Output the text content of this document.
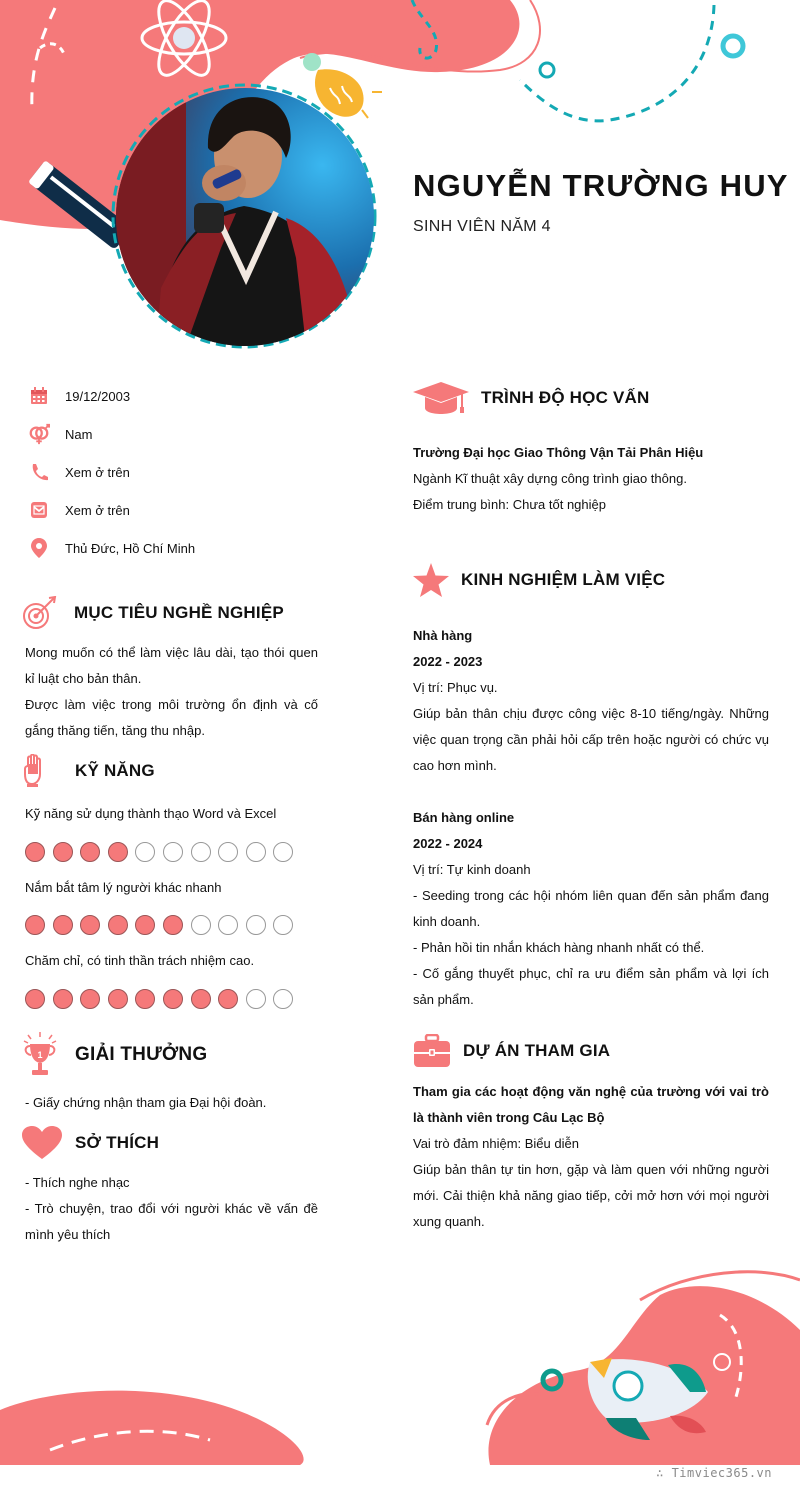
NGUYỄN TRƯỜNG HUY
SINH VIÊN NĂM 4
19/12/2003
Nam
Xem ở trên
Xem ở trên
Thủ Đức, Hồ Chí Minh
MỤC TIÊU NGHỀ NGHIỆP

Mong muốn có thể làm việc lâu dài, tạo thói quen kỉ luật cho bản thân.

Được làm việc trong môi trường ổn định và cố gắng thăng tiến, tăng thu nhập.

KỸ NĂNG
Kỹ năng sử dụng thành thạo Word và Excel
Nắm bắt tâm lý người khác nhanh
Chăm chỉ, có tinh thần trách nhiệm cao.
1 GIẢI THƯỞNG
- Giấy chứng nhận tham gia Đại hội đoàn.
SỞ THÍCH

- Thích nghe nhạc

- Trò chuyện, trao đổi với người khác về vấn đề mình yêu thích

TRÌNH ĐỘ HỌC VẤN

Trường Đại học Giao Thông Vận Tải Phân Hiệu

Ngành Kĩ thuật xây dựng công trình giao thông.

Điểm trung bình: Chưa tốt nghiệp

KINH NGHIỆM LÀM VIỆC

Nhà hàng

2022 - 2023

Vị trí: Phục vụ.

Giúp bản thân chịu được công việc 8-10 tiếng/ngày. Những việc quan trọng cần phải hỏi cấp trên hoặc người có chức vụ cao hơn mình.

Bán hàng online

2022 - 2024

Vị trí: Tự kinh doanh

- Seeding trong các hội nhóm liên quan đến sản phẩm đang kinh doanh.

- Phản hồi tin nhắn khách hàng nhanh nhất có thể.

- Cố gắng thuyết phục, chỉ ra ưu điểm sản phẩm và lợi ích sản phẩm.

DỰ ÁN THAM GIA

Tham gia các hoạt động văn nghệ của trường với vai trò là thành viên trong Câu Lạc Bộ

Vai trò đảm nhiệm: Biểu diễn

Giúp bản thân tự tin hơn, gặp và làm quen với những người mới. Cải thiện khả năng giao tiếp, cởi mở hơn với mọi người xung quanh.

∴ Timviec365.vn
